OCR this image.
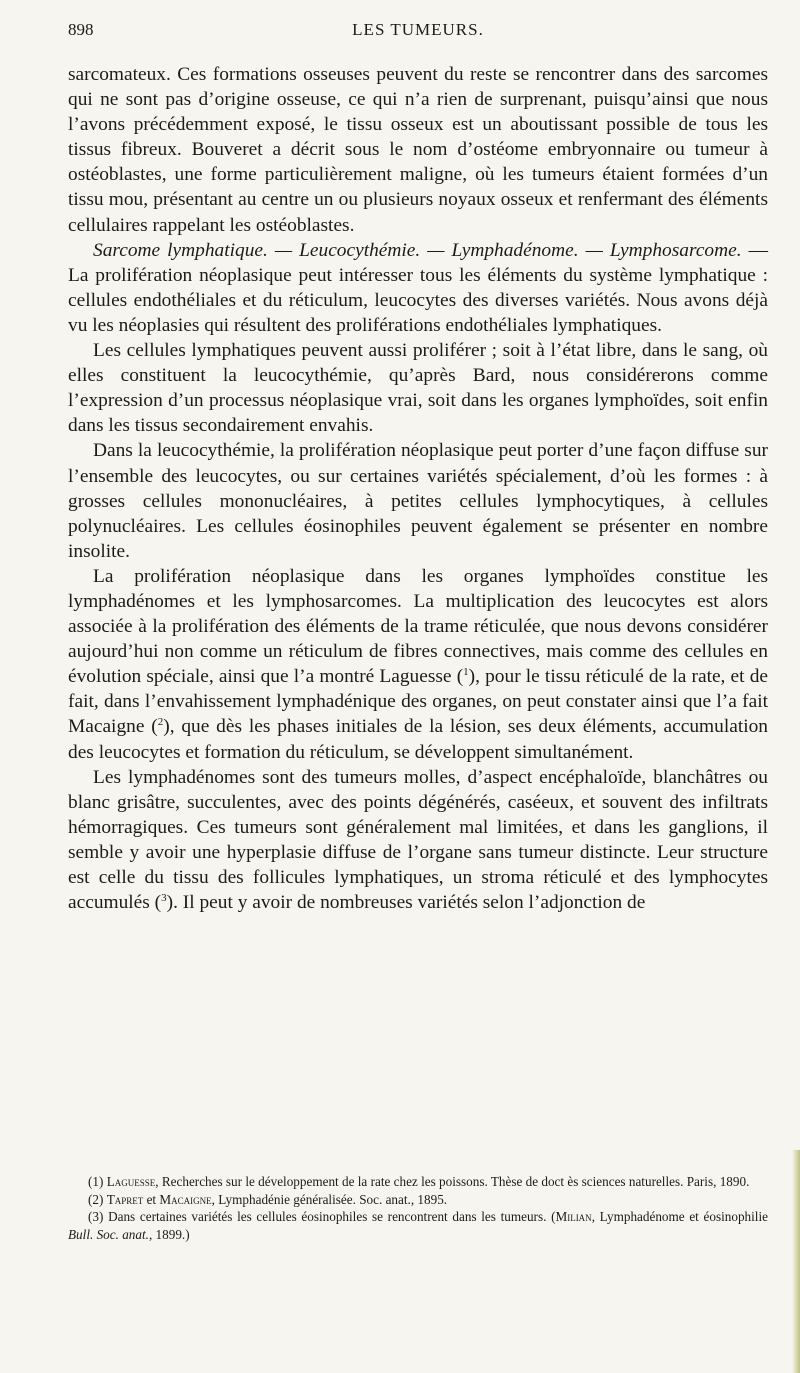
898	LES TUMEURS.

sarcomateux. Ces formations osseuses peuvent du reste se rencontrer dans des sarcomes qui ne sont pas d’origine osseuse, ce qui n’a rien de surprenant, puisqu’ainsi que nous l’avons précédemment exposé, le tissu osseux est un aboutissant possible de tous les tissus fibreux. Bouveret a décrit sous le nom d’ostéome embryonnaire ou tumeur à ostéoblastes, une forme particulièrement maligne, où les tumeurs étaient formées d’un tissu mou, présentant au centre un ou plusieurs noyaux osseux et renfermant des éléments cellulaires rappelant les ostéoblastes.

Sarcome lymphatique. — Leucocythémie. — Lymphadénome. — Lymphosarcome. — La prolifération néoplasique peut intéresser tous les éléments du système lymphatique : cellules endothéliales et du réticulum, leucocytes des diverses variétés. Nous avons déjà vu les néoplasies qui résultent des proliférations endothéliales lymphatiques.

Les cellules lymphatiques peuvent aussi proliférer ; soit à l’état libre, dans le sang, où elles constituent la leucocythémie, qu’après Bard, nous considérerons comme l’expression d’un processus néoplasique vrai, soit dans les organes lymphoïdes, soit enfin dans les tissus secondairement envahis.

Dans la leucocythémie, la prolifération néoplasique peut porter d’une façon diffuse sur l’ensemble des leucocytes, ou sur certaines variétés spécialement, d’où les formes : à grosses cellules mononucléaires, à petites cellules lymphocytiques, à cellules polynucléaires. Les cellules éosinophiles peuvent également se présenter en nombre insolite.

La prolifération néoplasique dans les organes lymphoïdes constitue les lymphadénomes et les lymphosarcomes. La multiplication des leucocytes est alors associée à la prolifération des éléments de la trame réticulée, que nous devons considérer aujourd’hui non comme un réticulum de fibres connectives, mais comme des cellules en évolution spéciale, ainsi que l’a montré Laguesse ($^1$), pour le tissu réticulé de la rate, et de fait, dans l’envahissement lymphadénique des organes, on peut constater ainsi que l’a fait Macaigne ($^2$), que dès les phases initiales de la lésion, ses deux éléments, accumulation des leucocytes et formation du réticulum, se développent simultanément.

Les lymphadénomes sont des tumeurs molles, d’aspect encéphaloïde, blanchâtres ou blanc grisâtre, succulentes, avec des points dégénérés, caséeux, et souvent des infiltrats hémorragiques. Ces tumeurs sont généralement mal limitées, et dans les ganglions, il semble y avoir une hyperplasie diffuse de l’organe sans tumeur distincte. Leur structure est celle du tissu des follicules lymphatiques, un stroma réticulé et des lymphocytes accumulés ($^3$). Il peut y avoir de nombreuses variétés selon l’adjonction de

(1) Laguesse, Recherches sur le développement de la rate chez les poissons. Thèse de doct ès sciences naturelles. Paris, 1890.

(2) Tapret et Macaigne, Lymphadénie généralisée. Soc. anat., 1895.

(3) Dans certaines variétés les cellules éosinophiles se rencontrent dans les tumeurs. (Milian, Lymphadénome et éosinophilie Bull. Soc. anat., 1899.)
